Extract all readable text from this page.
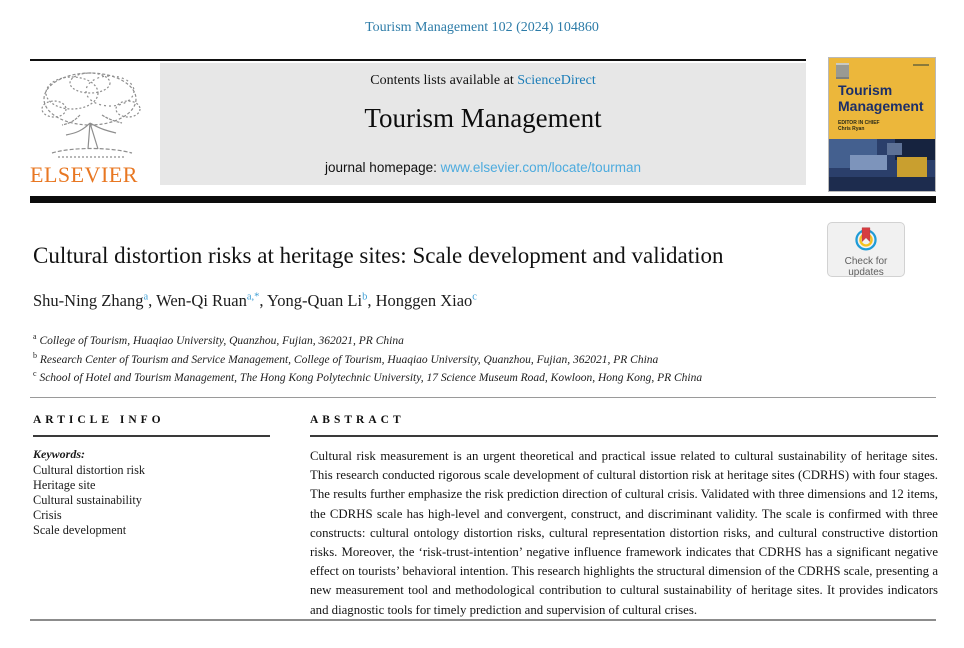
Tourism Management 102 (2024) 104860
ELSEVIER
Contents lists available at ScienceDirect
Tourism Management
journal homepage: www.elsevier.com/locate/tourman
Tourism Management
EDITOR IN CHIEF
Chris Ryan
Check for
updates
Cultural distortion risks at heritage sites: Scale development and validation
Shu-Ning Zhang$^a$, Wen-Qi Ruan$^{a,*}$, Yong-Quan Li$^b$, Honggen Xiao$^c$
$^a$ College of Tourism, Huaqiao University, Quanzhou, Fujian, 362021, PR China
$^b$ Research Center of Tourism and Service Management, College of Tourism, Huaqiao University, Quanzhou, Fujian, 362021, PR China
$^c$ School of Hotel and Tourism Management, The Hong Kong Polytechnic University, 17 Science Museum Road, Kowloon, Hong Kong, PR China
ARTICLE INFO
Keywords:
Cultural distortion risk
Heritage site
Cultural sustainability
Crisis
Scale development
ABSTRACT
Cultural risk measurement is an urgent theoretical and practical issue related to cultural sustainability of heritage sites. This research conducted rigorous scale development of cultural distortion risk at heritage sites (CDRHS) with four stages. The results further emphasize the risk prediction direction of cultural crisis. Validated with three dimensions and 12 items, the CDRHS scale has high-level and convergent, construct, and discriminant validity. The scale is confirmed with three constructs: cultural ontology distortion risks, cultural representation distortion risks, and cultural constructive distortion risks. Moreover, the ‘risk-trust-intention’ negative influence framework indicates that CDRHS has a significant negative effect on tourists’ behavioral intention. This research highlights the structural dimension of the CDRHS scale, presenting a new measurement tool and methodological contribution to cultural sustainability of heritage sites. It provides indicators and diagnostic tools for timely prediction and supervision of cultural crises.
